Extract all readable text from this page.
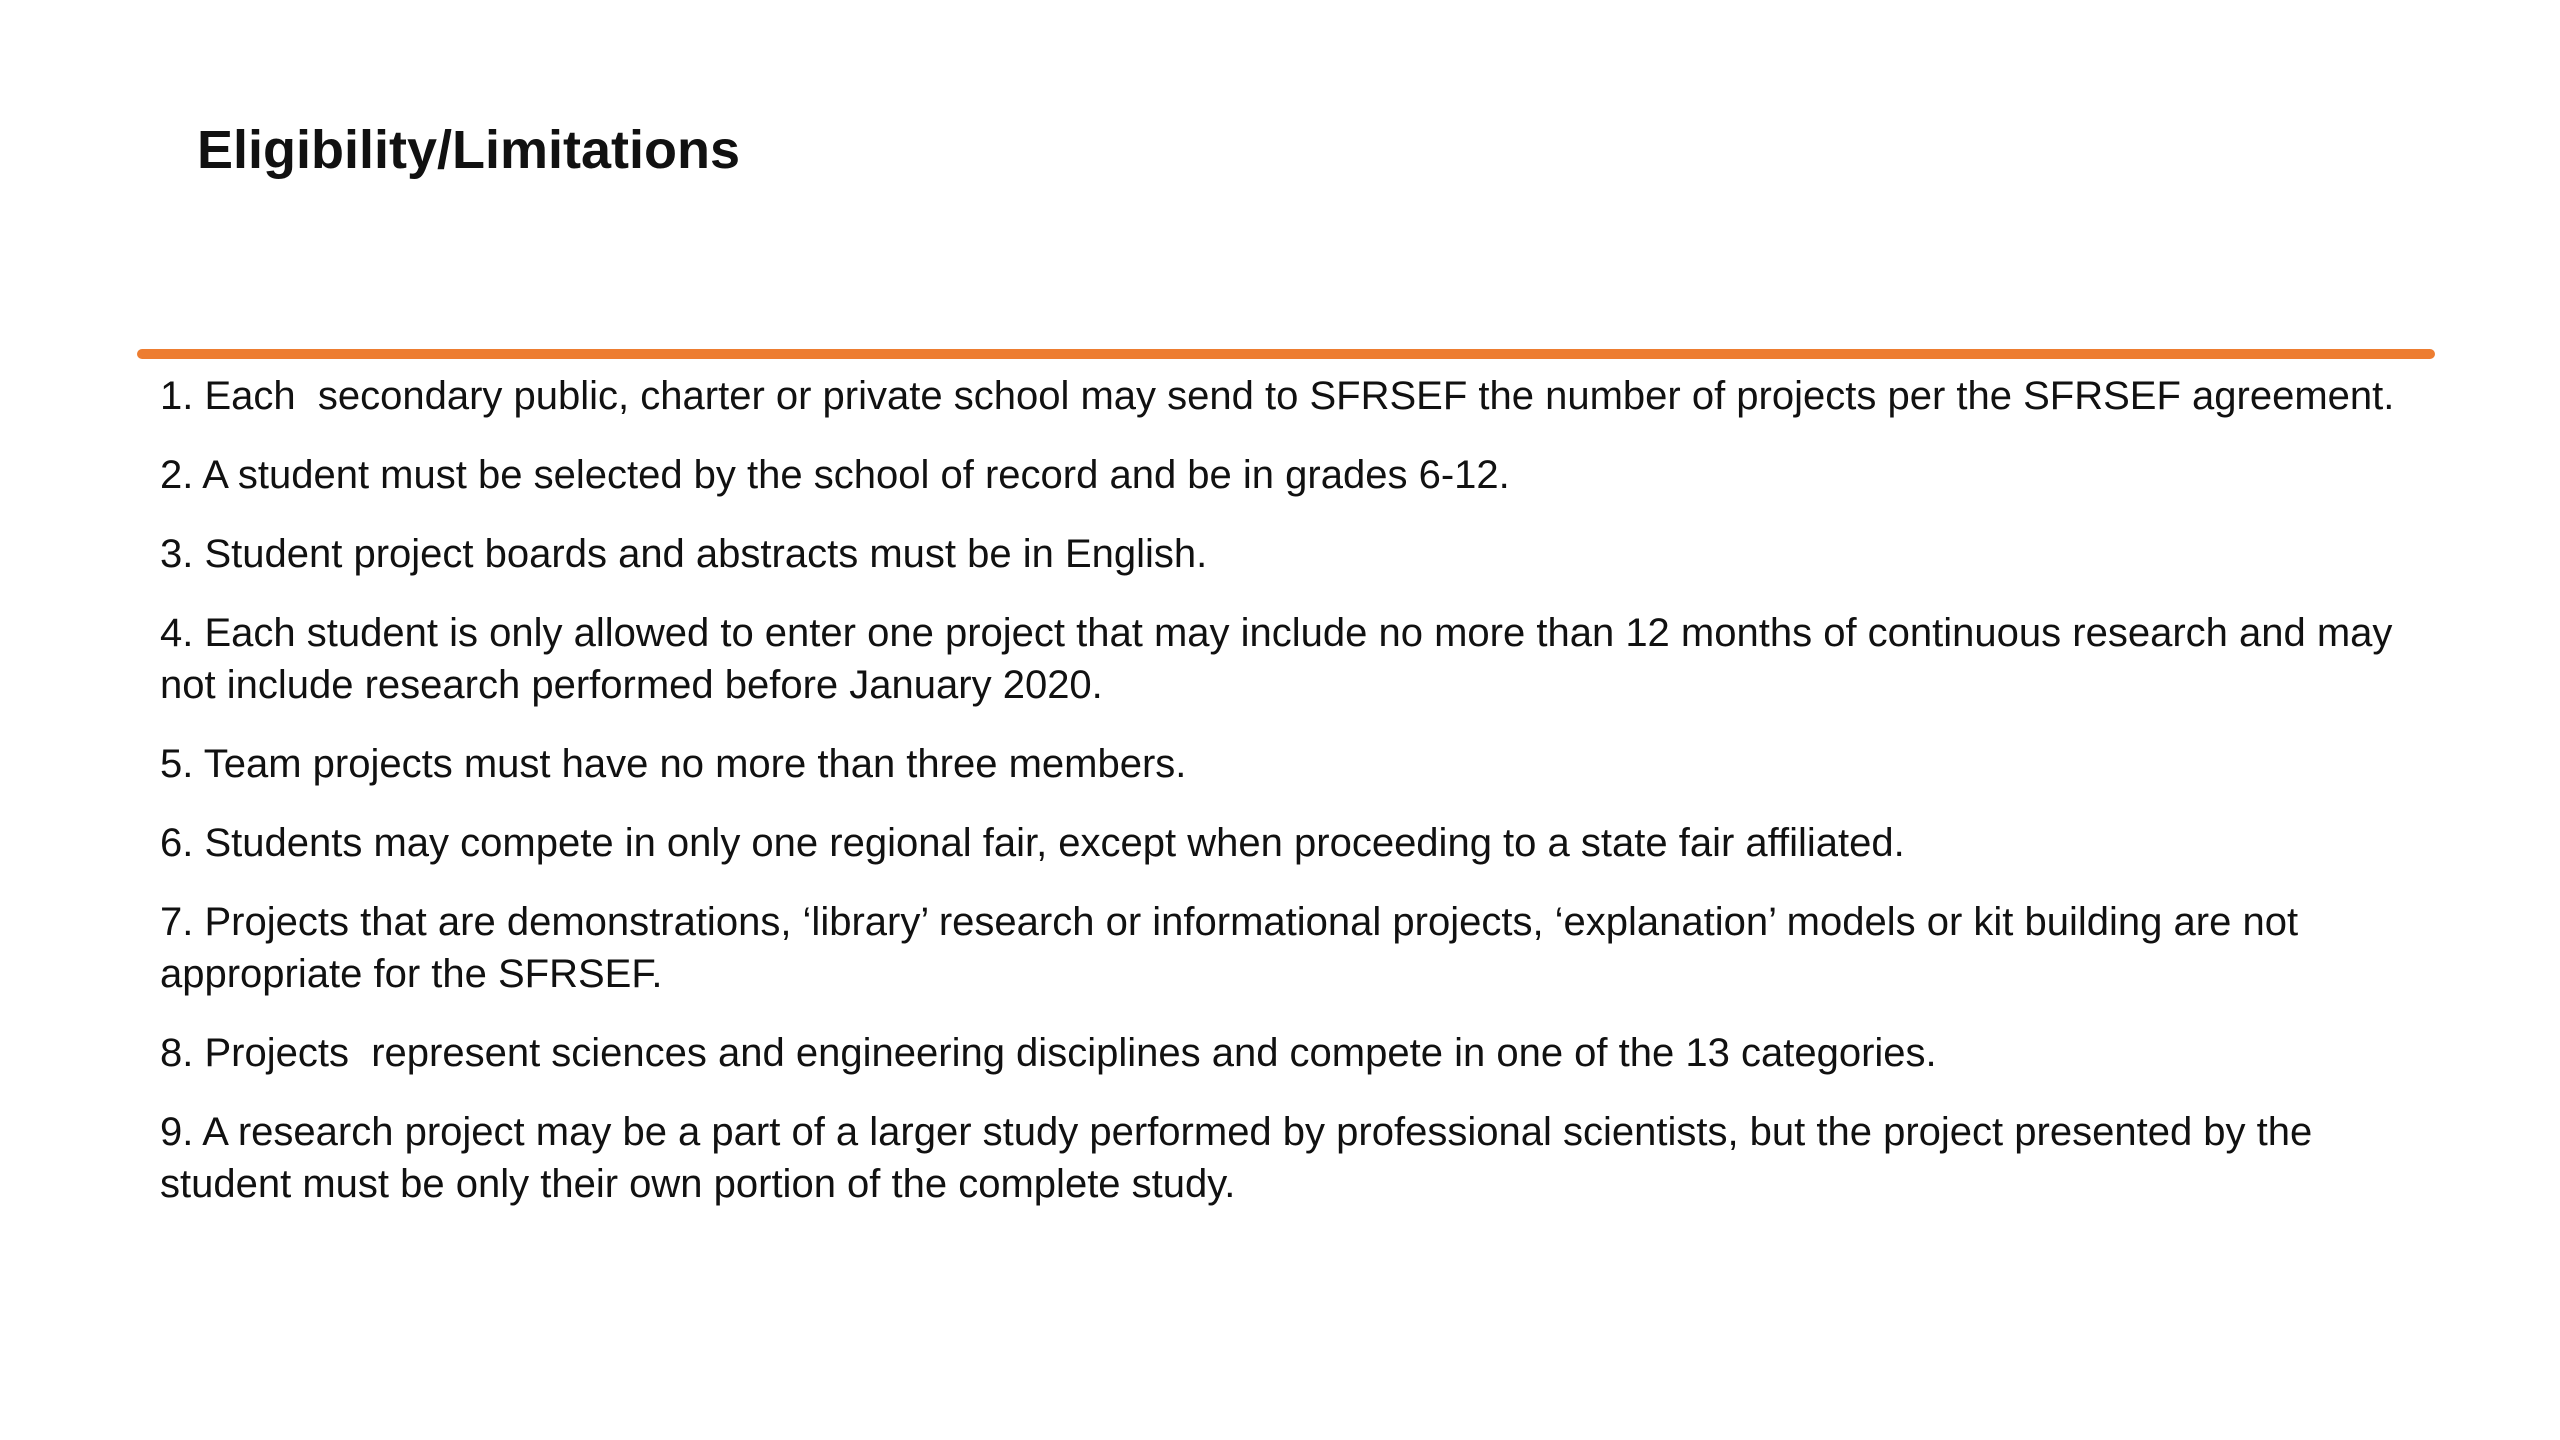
Eligibility/Limitations
1. Each  secondary public, charter or private school may send to SFRSEF the number of projects per the SFRSEF agreement.
2. A student must be selected by the school of record and be in grades 6-12.
3. Student project boards and abstracts must be in English.
4. Each student is only allowed to enter one project that may include no more than 12 months of continuous research and may not include research performed before January 2020.
5. Team projects must have no more than three members.
6. Students may compete in only one regional fair, except when proceeding to a state fair affiliated.
7. Projects that are demonstrations, ‘library’ research or informational projects, ‘explanation’ models or kit building are not appropriate for the SFRSEF.
8. Projects  represent sciences and engineering disciplines and compete in one of the 13 categories.
9. A research project may be a part of a larger study performed by professional scientists, but the project presented by the student must be only their own portion of the complete study.
